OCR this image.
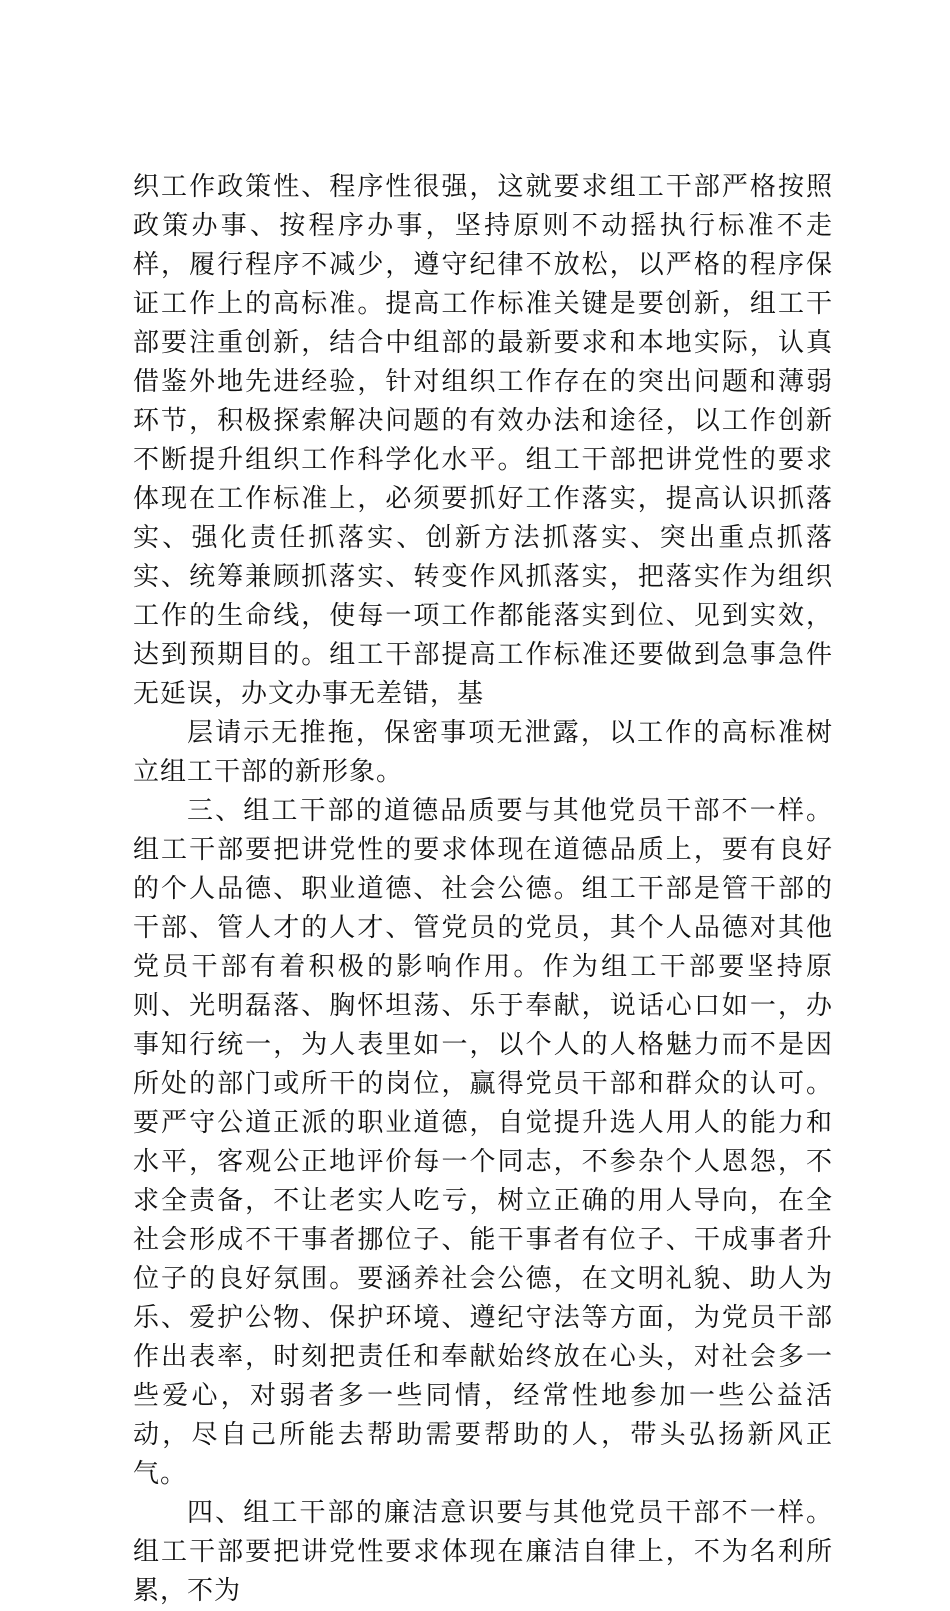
织工作政策性、程序性很强，这就要求组工干部严格按照政策办事、按程序办事，坚持原则不动摇执行标准不走样，履行程序不减少，遵守纪律不放松，以严格的程序保证工作上的高标准。提高工作标准关键是要创新，组工干部要注重创新，结合中组部的最新要求和本地实际，认真借鉴外地先进经验，针对组织工作存在的突出问题和薄弱环节，积极探索解决问题的有效办法和途径，以工作创新不断提升组织工作科学化水平。组工干部把讲党性的要求体现在工作标准上，必须要抓好工作落实，提高认识抓落实、强化责任抓落实、创新方法抓落实、突出重点抓落实、统筹兼顾抓落实、转变作风抓落实，把落实作为组织工作的生命线，使每一项工作都能落实到位、见到实效，达到预期目的。组工干部提高工作标准还要做到急事急件无延误，办文办事无差错，基

层请示无推拖，保密事项无泄露，以工作的高标准树立组工干部的新形象。

三、组工干部的道德品质要与其他党员干部不一样。组工干部要把讲党性的要求体现在道德品质上，要有良好的个人品德、职业道德、社会公德。组工干部是管干部的干部、管人才的人才、管党员的党员，其个人品德对其他党员干部有着积极的影响作用。作为组工干部要坚持原则、光明磊落、胸怀坦荡、乐于奉献，说话心口如一，办事知行统一，为人表里如一，以个人的人格魅力而不是因所处的部门或所干的岗位，赢得党员干部和群众的认可。要严守公道正派的职业道德，自觉提升选人用人的能力和水平，客观公正地评价每一个同志，不参杂个人恩怨，不求全责备，不让老实人吃亏，树立正确的用人导向，在全社会形成不干事者挪位子、能干事者有位子、干成事者升位子的良好氛围。要涵养社会公德，在文明礼貌、助人为乐、爱护公物、保护环境、遵纪守法等方面，为党员干部作出表率，时刻把责任和奉献始终放在心头，对社会多一些爱心，对弱者多一些同情，经常性地参加一些公益活动，尽自己所能去帮助需要帮助的人，带头弘扬新风正气。

四、组工干部的廉洁意识要与其他党员干部不一样。组工干部要把讲党性要求体现在廉洁自律上，不为名利所累，不为
